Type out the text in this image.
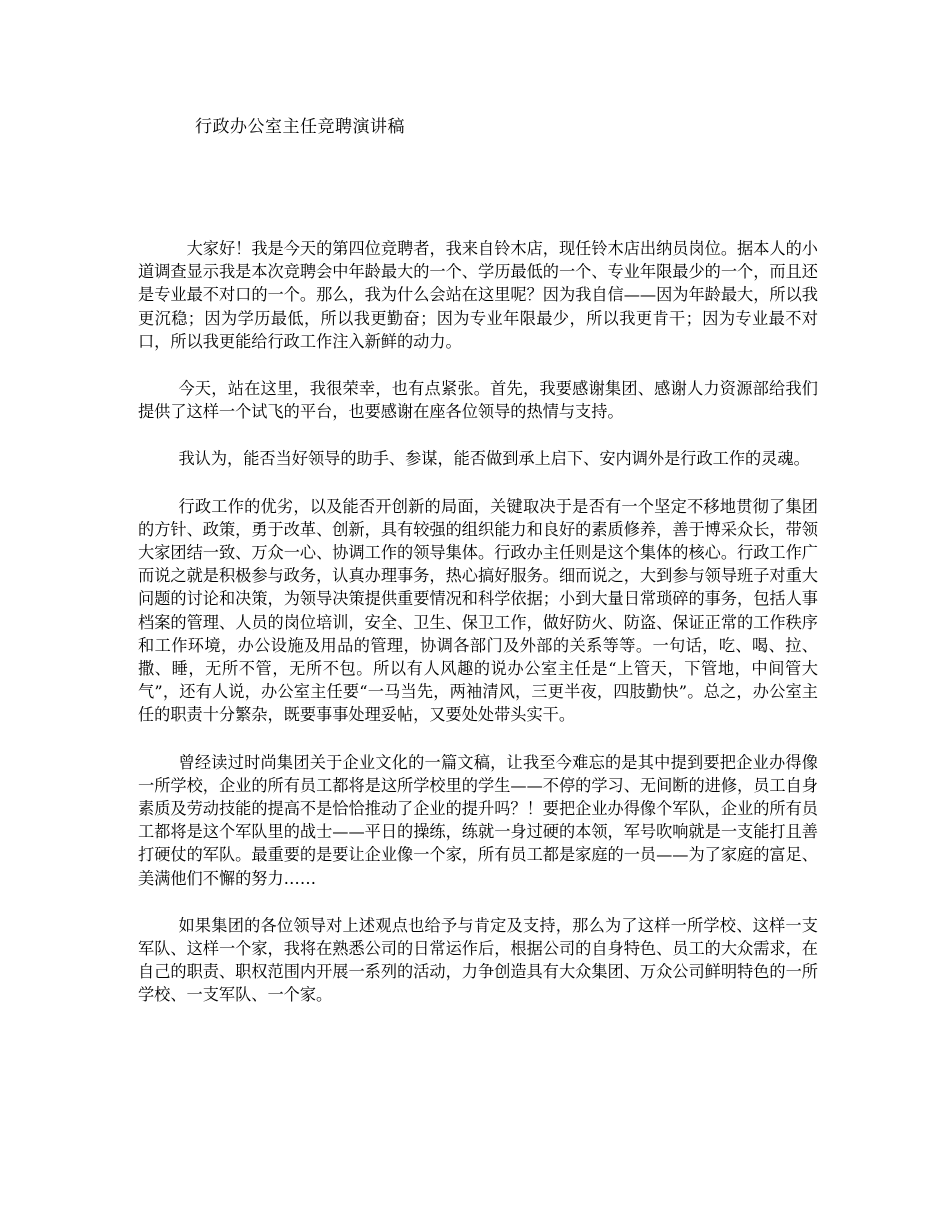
行政办公室主任竞聘演讲稿

大家好！我是今天的第四位竞聘者，我来自铃木店，现任铃木店出纳员岗位。据本人的小道调查显示我是本次竞聘会中年龄最大的一个、学历最低的一个、专业年限最少的一个，而且还是专业最不对口的一个。那么，我为什么会站在这里呢？因为我自信——因为年龄最大，所以我更沉稳；因为学历最低，所以我更勤奋；因为专业年限最少，所以我更肯干；因为专业最不对口，所以我更能给行政工作注入新鲜的动力。

今天，站在这里，我很荣幸，也有点紧张。首先，我要感谢集团、感谢人力资源部给我们提供了这样一个试飞的平台，也要感谢在座各位领导的热情与支持。

我认为，能否当好领导的助手、参谋，能否做到承上启下、安内调外是行政工作的灵魂。

行政工作的优劣，以及能否开创新的局面，关键取决于是否有一个坚定不移地贯彻了集团的方针、政策，勇于改革、创新，具有较强的组织能力和良好的素质修养，善于博采众长，带领大家团结一致、万众一心、协调工作的领导集体。行政办主任则是这个集体的核心。行政工作广而说之就是积极参与政务，认真办理事务，热心搞好服务。细而说之，大到参与领导班子对重大问题的讨论和决策，为领导决策提供重要情况和科学依据；小到大量日常琐碎的事务，包括人事档案的管理、人员的岗位培训，安全、卫生、保卫工作，做好防火、防盗、保证正常的工作秩序和工作环境，办公设施及用品的管理，协调各部门及外部的关系等等。一句话，吃、喝、拉、撒、睡，无所不管，无所不包。所以有人风趣的说办公室主任是“上管天，下管地，中间管大气”，还有人说，办公室主任要“一马当先，两袖清风，三更半夜，四肢勤快”。总之，办公室主任的职责十分繁杂，既要事事处理妥帖，又要处处带头实干。

曾经读过时尚集团关于企业文化的一篇文稿，让我至今难忘的是其中提到要把企业办得像一所学校，企业的所有员工都将是这所学校里的学生——不停的学习、无间断的进修，员工自身素质及劳动技能的提高不是恰恰推动了企业的提升吗？！要把企业办得像个军队，企业的所有员工都将是这个军队里的战士——平日的操练，练就一身过硬的本领，军号吹响就是一支能打且善打硬仗的军队。最重要的是要让企业像一个家，所有员工都是家庭的一员——为了家庭的富足、美满他们不懈的努力……

如果集团的各位领导对上述观点也给予与肯定及支持，那么为了这样一所学校、这样一支军队、这样一个家，我将在熟悉公司的日常运作后，根据公司的自身特色、员工的大众需求，在自己的职责、职权范围内开展一系列的活动，力争创造具有大众集团、万众公司鲜明特色的一所学校、一支军队、一个家。
